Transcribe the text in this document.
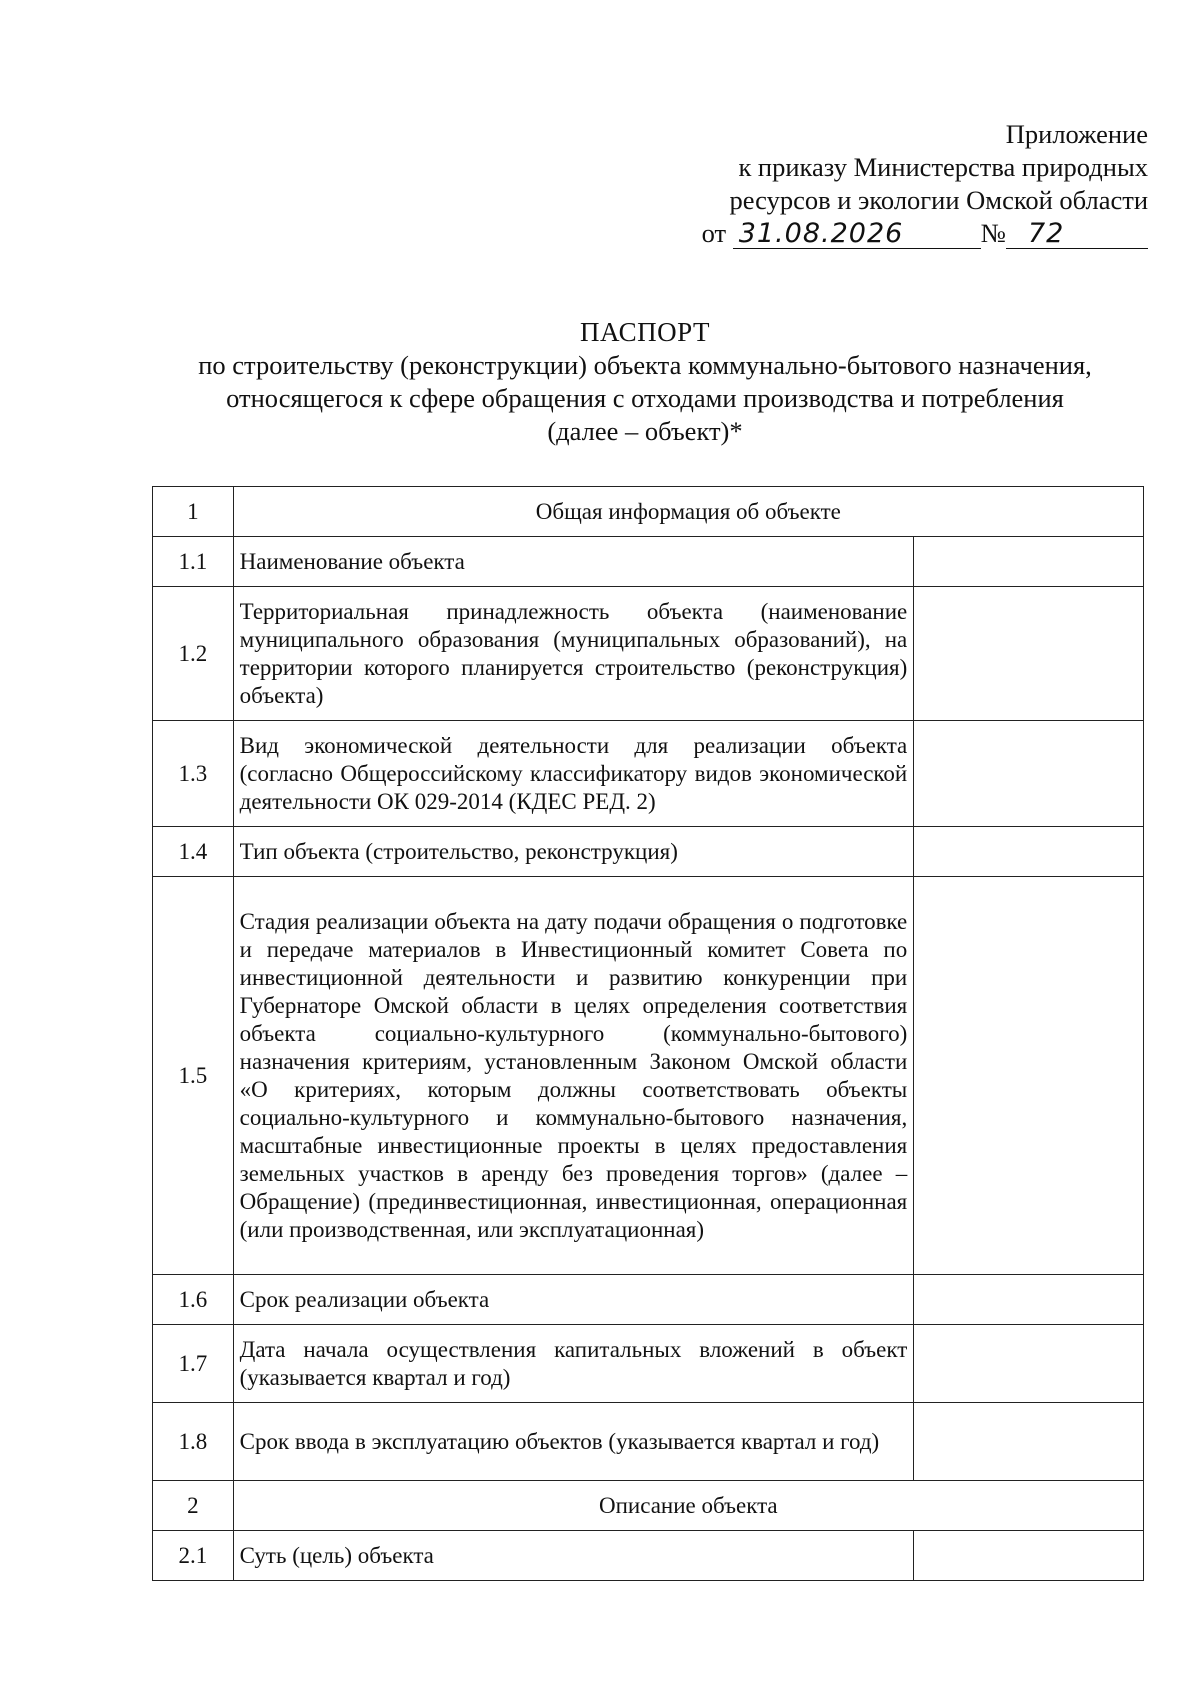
Приложение
к приказу Министерства природных
ресурсов и экологии Омской области
от 31.08.2026	№ 72
ПАСПОРТ
по строительству (реконструкции) объекта коммунально-бытового назначения,
относящегося к сфере обращения с отходами производства и потребления
(далее – объект)*
1	Общая информация об объекте	
1.1	Наименование объекта	
1.2	Территориальная принадлежность объекта (наименование муниципального образования (муниципальных образований), на территории которого планируется строительство (реконструкция) объекта)	
1.3	Вид экономической деятельности для реализации объекта (согласно Общероссийскому классификатору видов экономической деятельности ОК 029-2014 (КДЕС РЕД. 2)	
1.4	Тип объекта (строительство, реконструкция)	
1.5	Стадия реализации объекта на дату подачи обращения о подготовке и передаче материалов в Инвестиционный комитет Совета по инвестиционной деятельности и развитию конкуренции при Губернаторе Омской области в целях определения соответствия объекта социально-культурного (коммунально-бытового) назначения критериям, установленным Законом Омской области «О критериях, которым должны соответствовать объекты социально-культурного и коммунально-бытового назначения, масштабные инвестиционные проекты в целях предоставления земельных участков в аренду без проведения торгов» (далее – Обращение) (прединвестиционная, инвестиционная, операционная (или производственная, или эксплуатационная)	
1.6	Срок реализации объекта	
1.7	Дата начала осуществления капитальных вложений в объект (указывается квартал и год)	
1.8	Срок ввода в эксплуатацию объектов (указывается квартал и год)	
2	Описание объекта	
2.1	Суть (цель) объекта	
